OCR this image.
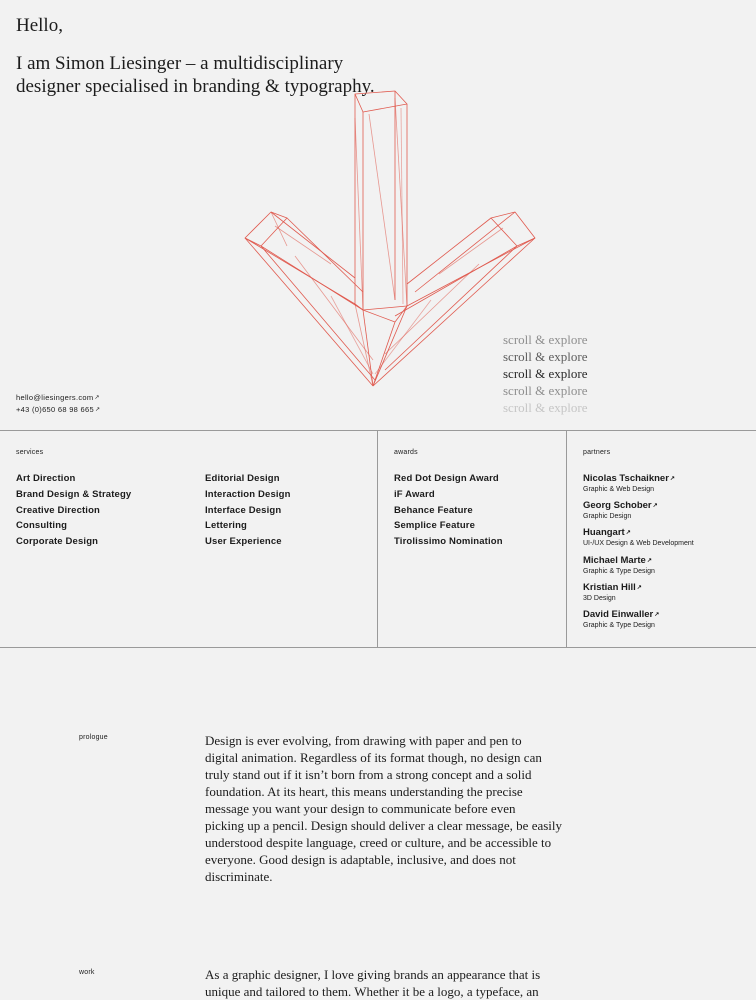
Hello,
I am Simon Liesinger – a multidisciplinary
designer specialised in branding & typography.
scroll & explore
scroll & explore
scroll & explore
scroll & explore
scroll & explore
hello@liesingers.com↗
+43 (0)650 68 98 665↗
services
Art Direction
Brand Design & Strategy
Creative Direction
Consulting
Corporate Design
Editorial Design
Interaction Design
Interface Design
Lettering
User Experience
awards
Red Dot Design Award
iF Award
Behance Feature
Semplice Feature
Tirolissimo Nomination
partners
Nicolas Tschaikner↗
Graphic & Web Design
Georg Schober↗
Graphic Design
Huangart↗
UI-/UX Design & Web Development
Michael Marte↗
Graphic & Type Design
Kristian Hill↗
3D Design
David Einwaller↗
Graphic & Type Design
prologue	Design is ever evolving, from drawing with paper and pen to
digital animation. Regardless of its format though, no design can
truly stand out if it isn’t born from a strong concept and a solid
foundation. At its heart, this means understanding the precise
message you want your design to communicate before even
picking up a pencil. Design should deliver a clear message, be easily
understood despite language, creed or culture, and be accessible to
everyone. Good design is adaptable, inclusive, and does not
discriminate.
work	As a graphic designer, I love giving brands an appearance that is
unique and tailored to them. Whether it be a logo, a typeface, an
